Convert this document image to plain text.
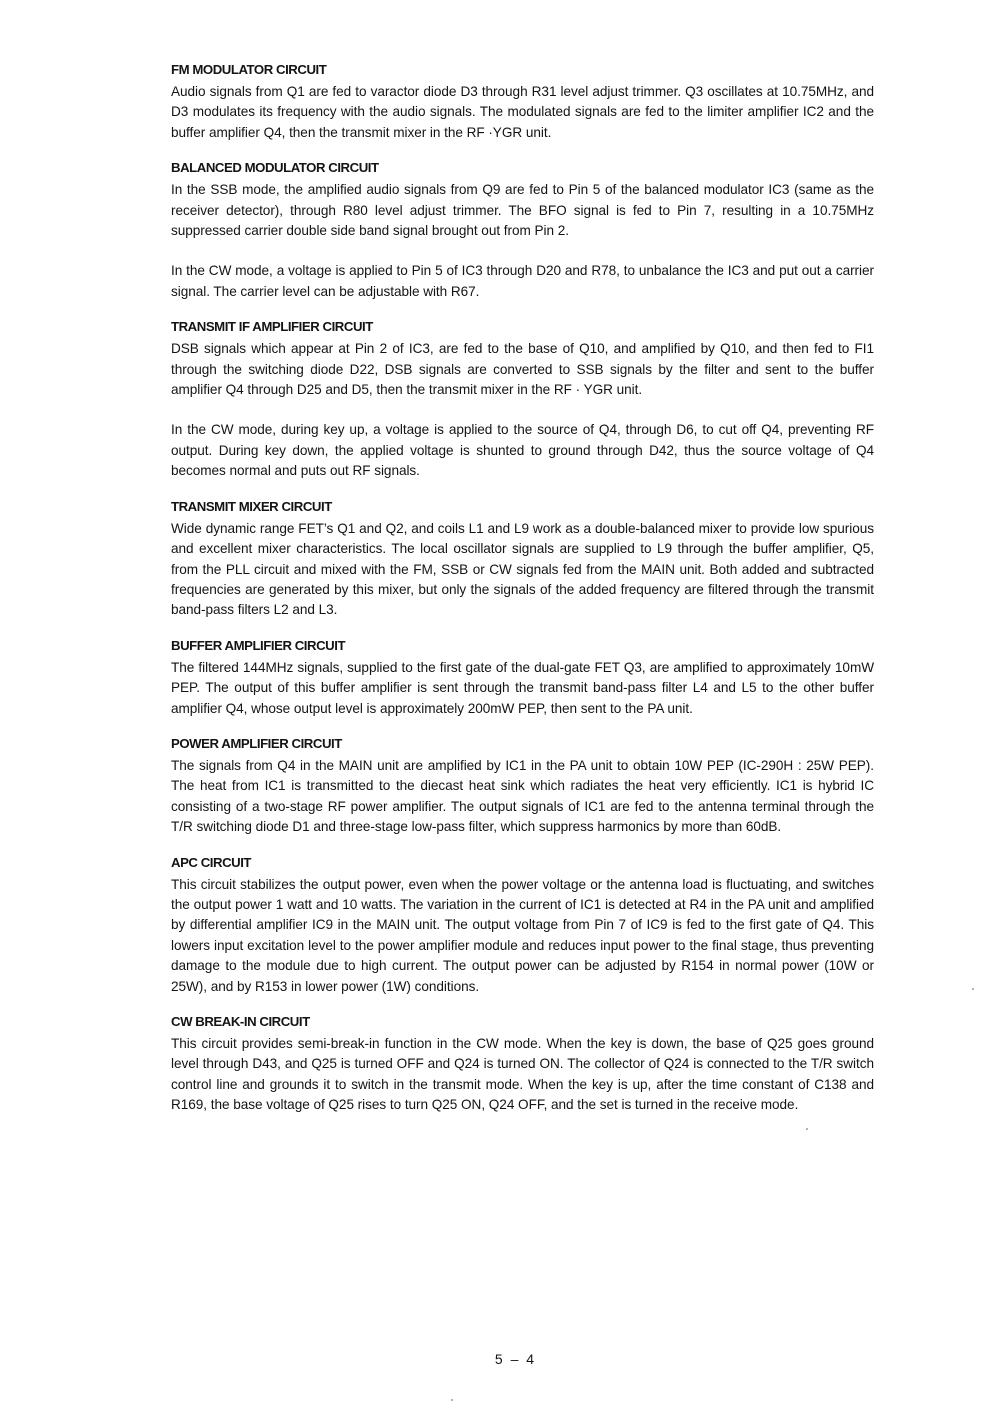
FM MODULATOR CIRCUIT

Audio signals from Q1 are fed to varactor diode D3 through R31 level adjust trimmer. Q3 oscillates at 10.75MHz, and D3 modulates its frequency with the audio signals. The modulated signals are fed to the limiter amplifier IC2 and the buffer amplifier Q4, then the transmit mixer in the RF ·YGR unit.

BALANCED MODULATOR CIRCUIT

In the SSB mode, the amplified audio signals from Q9 are fed to Pin 5 of the balanced modulator IC3 (same as the receiver detector), through R80 level adjust trimmer. The BFO signal is fed to Pin 7, resulting in a 10.75MHz suppressed carrier double side band signal brought out from Pin 2.

In the CW mode, a voltage is applied to Pin 5 of IC3 through D20 and R78, to unbalance the IC3 and put out a carrier signal. The carrier level can be adjustable with R67.

TRANSMIT IF AMPLIFIER CIRCUIT

DSB signals which appear at Pin 2 of IC3, are fed to the base of Q10, and amplified by Q10, and then fed to FI1 through the switching diode D22, DSB signals are converted to SSB signals by the filter and sent to the buffer amplifier Q4 through D25 and D5, then the transmit mixer in the RF · YGR unit.

In the CW mode, during key up, a voltage is applied to the source of Q4, through D6, to cut off Q4, preventing RF output. During key down, the applied voltage is shunted to ground through D42, thus the source voltage of Q4 becomes normal and puts out RF signals.

TRANSMIT MIXER CIRCUIT

Wide dynamic range FET’s Q1 and Q2, and coils L1 and L9 work as a double-balanced mixer to provide low spurious and excellent mixer characteristics. The local oscillator signals are supplied to L9 through the buffer amplifier, Q5, from the PLL circuit and mixed with the FM, SSB or CW signals fed from the MAIN unit. Both added and subtracted frequencies are generated by this mixer, but only the signals of the added frequency are filtered through the transmit band-pass filters L2 and L3.

BUFFER AMPLIFIER CIRCUIT

The filtered 144MHz signals, supplied to the first gate of the dual-gate FET Q3, are amplified to approximately 10mW PEP. The output of this buffer amplifier is sent through the transmit band-pass filter L4 and L5 to the other buffer amplifier Q4, whose output level is approximately 200mW PEP, then sent to the PA unit.

POWER AMPLIFIER CIRCUIT

The signals from Q4 in the MAIN unit are amplified by IC1 in the PA unit to obtain 10W PEP (IC-290H : 25W PEP). The heat from IC1 is transmitted to the diecast heat sink which radiates the heat very efficiently. IC1 is hybrid IC consisting of a two-stage RF power amplifier. The output signals of IC1 are fed to the antenna terminal through the T/R switching diode D1 and three-stage low-pass filter, which suppress harmonics by more than 60dB.

APC CIRCUIT

This circuit stabilizes the output power, even when the power voltage or the antenna load is fluctuating, and switches the output power 1 watt and 10 watts. The variation in the current of IC1 is detected at R4 in the PA unit and amplified by differential amplifier IC9 in the MAIN unit. The output voltage from Pin 7 of IC9 is fed to the first gate of Q4. This lowers input excitation level to the power amplifier module and reduces input power to the final stage, thus preventing damage to the module due to high current. The output power can be adjusted by R154 in normal power (10W or 25W), and by R153 in lower power (1W) conditions.

CW BREAK-IN CIRCUIT

This circuit provides semi-break-in function in the CW mode. When the key is down, the base of Q25 goes ground level through D43, and Q25 is turned OFF and Q24 is turned ON. The collector of Q24 is connected to the T/R switch control line and grounds it to switch in the transmit mode. When the key is up, after the time constant of C138 and R169, the base voltage of Q25 rises to turn Q25 ON, Q24 OFF, and the set is turned in the receive mode.

5 – 4
